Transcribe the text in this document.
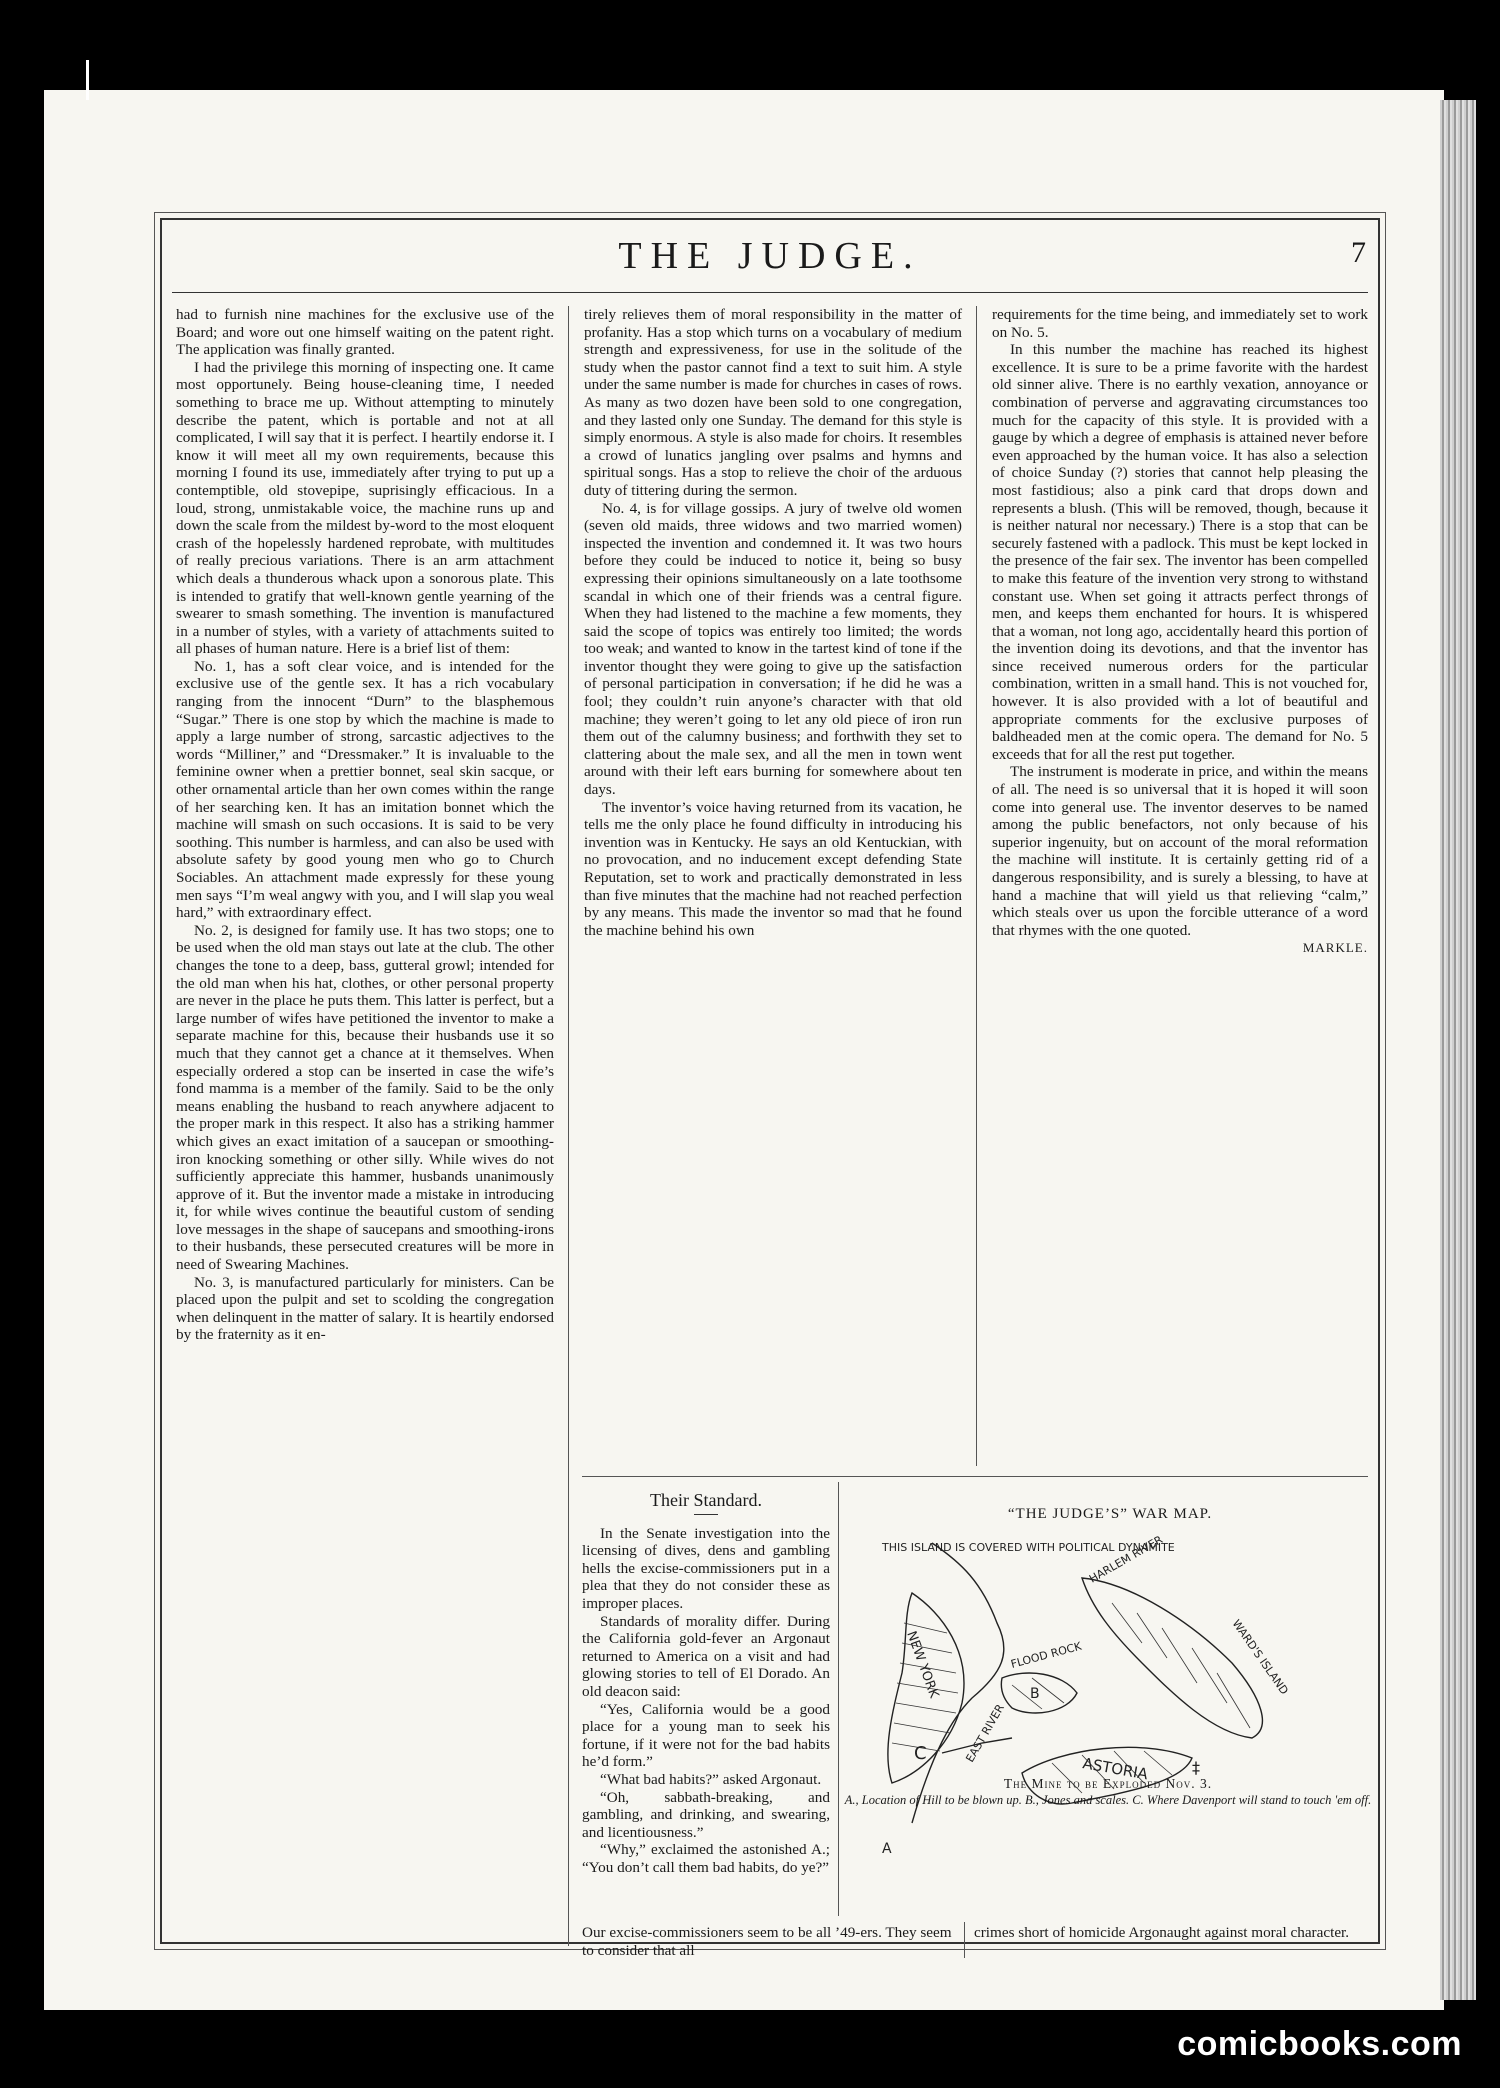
THE JUDGE.	7

had to furnish nine machines for the exclusive use of the Board; and wore out one himself waiting on the patent right. The application was finally granted.

I had the privilege this morning of inspecting one. It came most opportunely. Being house-cleaning time, I needed something to brace me up. Without attempting to minutely describe the patent, which is portable and not at all complicated, I will say that it is perfect. I heartily endorse it. I know it will meet all my own requirements, because this morning I found its use, immediately after trying to put up a contemptible, old stovepipe, suprisingly efficacious. In a loud, strong, unmistakable voice, the machine runs up and down the scale from the mildest by-word to the most eloquent crash of the hopelessly hardened reprobate, with multitudes of really precious variations. There is an arm attachment which deals a thunderous whack upon a sonorous plate. This is intended to gratify that well-known gentle yearning of the swearer to smash something. The invention is manufactured in a number of styles, with a variety of attachments suited to all phases of human nature. Here is a brief list of them:

No. 1, has a soft clear voice, and is intended for the exclusive use of the gentle sex. It has a rich vocabulary ranging from the innocent “Durn” to the blasphemous “Sugar.” There is one stop by which the machine is made to apply a large number of strong, sarcastic adjectives to the words “Milliner,” and “Dressmaker.” It is invaluable to the feminine owner when a prettier bonnet, seal skin sacque, or other ornamental article than her own comes within the range of her searching ken. It has an imitation bonnet which the machine will smash on such occasions. It is said to be very soothing. This number is harmless, and can also be used with absolute safety by good young men who go to Church Sociables. An attachment made expressly for these young men says “I’m weal angwy with you, and I will slap you weal hard,” with extraordinary effect.

No. 2, is designed for family use. It has two stops; one to be used when the old man stays out late at the club. The other changes the tone to a deep, bass, gutteral growl; intended for the old man when his hat, clothes, or other personal property are never in the place he puts them. This latter is perfect, but a large number of wifes have petitioned the inventor to make a separate machine for this, because their husbands use it so much that they cannot get a chance at it themselves. When especially ordered a stop can be inserted in case the wife’s fond mamma is a member of the family. Said to be the only means enabling the husband to reach anywhere adjacent to the proper mark in this respect. It also has a striking hammer which gives an exact imitation of a saucepan or smoothing-iron knocking something or other silly. While wives do not sufficiently appreciate this hammer, husbands unanimously approve of it. But the inventor made a mistake in introducing it, for while wives continue the beautiful custom of sending love messages in the shape of saucepans and smoothing-irons to their husbands, these persecuted creatures will be more in need of Swearing Machines.

No. 3, is manufactured particularly for ministers. Can be placed upon the pulpit and set to scolding the congregation when delinquent in the matter of salary. It is heartily endorsed by the fraternity as it en-

tirely relieves them of moral responsibility in the matter of profanity. Has a stop which turns on a vocabulary of medium strength and expressiveness, for use in the solitude of the study when the pastor cannot find a text to suit him. A style under the same number is made for churches in cases of rows. As many as two dozen have been sold to one congregation, and they lasted only one Sunday. The demand for this style is simply enormous. A style is also made for choirs. It resembles a crowd of lunatics jangling over psalms and hymns and spiritual songs. Has a stop to relieve the choir of the arduous duty of tittering during the sermon.

No. 4, is for village gossips. A jury of twelve old women (seven old maids, three widows and two married women) inspected the invention and condemned it. It was two hours before they could be induced to notice it, being so busy expressing their opinions simultaneously on a late toothsome scandal in which one of their friends was a central figure. When they had listened to the machine a few moments, they said the scope of topics was entirely too limited; the words too weak; and wanted to know in the tartest kind of tone if the inventor thought they were going to give up the satisfaction of personal participation in conversation; if he did he was a fool; they couldn’t ruin anyone’s character with that old machine; they weren’t going to let any old piece of iron run them out of the calumny business; and forthwith they set to clattering about the male sex, and all the men in town went around with their left ears burning for somewhere about ten days.

The inventor’s voice having returned from its vacation, he tells me the only place he found difficulty in introducing his invention was in Kentucky. He says an old Kentuckian, with no provocation, and no inducement except defending State Reputation, set to work and practically demonstrated in less than five minutes that the machine had not reached perfection by any means. This made the inventor so mad that he found the machine behind his own

requirements for the time being, and immediately set to work on No. 5.

In this number the machine has reached its highest excellence. It is sure to be a prime favorite with the hardest old sinner alive. There is no earthly vexation, annoyance or combination of perverse and aggravating circumstances too much for the capacity of this style. It is provided with a gauge by which a degree of emphasis is attained never before even approached by the human voice. It has also a selection of choice Sunday (?) stories that cannot help pleasing the most fastidious; also a pink card that drops down and represents a blush. (This will be removed, though, because it is neither natural nor necessary.) There is a stop that can be securely fastened with a padlock. This must be kept locked in the presence of the fair sex. The inventor has been compelled to make this feature of the invention very strong to withstand constant use. When set going it attracts perfect throngs of men, and keeps them enchanted for hours. It is whispered that a woman, not long ago, accidentally heard this portion of the invention doing its devotions, and that the inventor has since received numerous orders for the particular combination, written in a small hand. This is not vouched for, however. It is also provided with a lot of beautiful and appropriate comments for the exclusive purposes of baldheaded men at the comic opera. The demand for No. 5 exceeds that for all the rest put together.

The instrument is moderate in price, and within the means of all. The need is so universal that it is hoped it will soon come into general use. The inventor deserves to be named among the public benefactors, not only because of his superior ingenuity, but on account of the moral reformation the machine will institute. It is certainly getting rid of a dangerous responsibility, and is surely a blessing, to have at hand a machine that will yield us that relieving “calm,” which steals over us upon the forcible utterance of a word that rhymes with the one quoted.

MARKLE.
Their Standard.

In the Senate investigation into the licensing of dives, dens and gambling hells the excise-commissioners put in a plea that they do not consider these as improper places.

Standards of morality differ. During the California gold-fever an Argonaut returned to America on a visit and had glowing stories to tell of El Dorado. An old deacon said:

“Yes, California would be a good place for a young man to seek his fortune, if it were not for the bad habits he’d form.”

“What bad habits?” asked Argonaut.

“Oh, sabbath-breaking, and gambling, and drinking, and swearing, and licentiousness.”

“Why,” exclaimed the astonished A.; “You don’t call them bad habits, do ye?”

“THE JUDGE’S” WAR MAP.
THIS ISLAND IS COVERED WITH POLITICAL DYNAMITE
HARLEM RIVER
WARD'S ISLAND
FLOOD ROCK
EAST RIVER
ASTORIA
NEW YORK	B
A
C
‡
The Mine to be Exploded Nov. 3.
A., Location of Hill to be blown up. B., Jones and scales. C. Where Davenport will stand to touch 'em off.
Our excise-commissioners seem to be all ’49-ers. They seem to consider that all
crimes short of homicide Argonaught against moral character.
comicbooks.com
